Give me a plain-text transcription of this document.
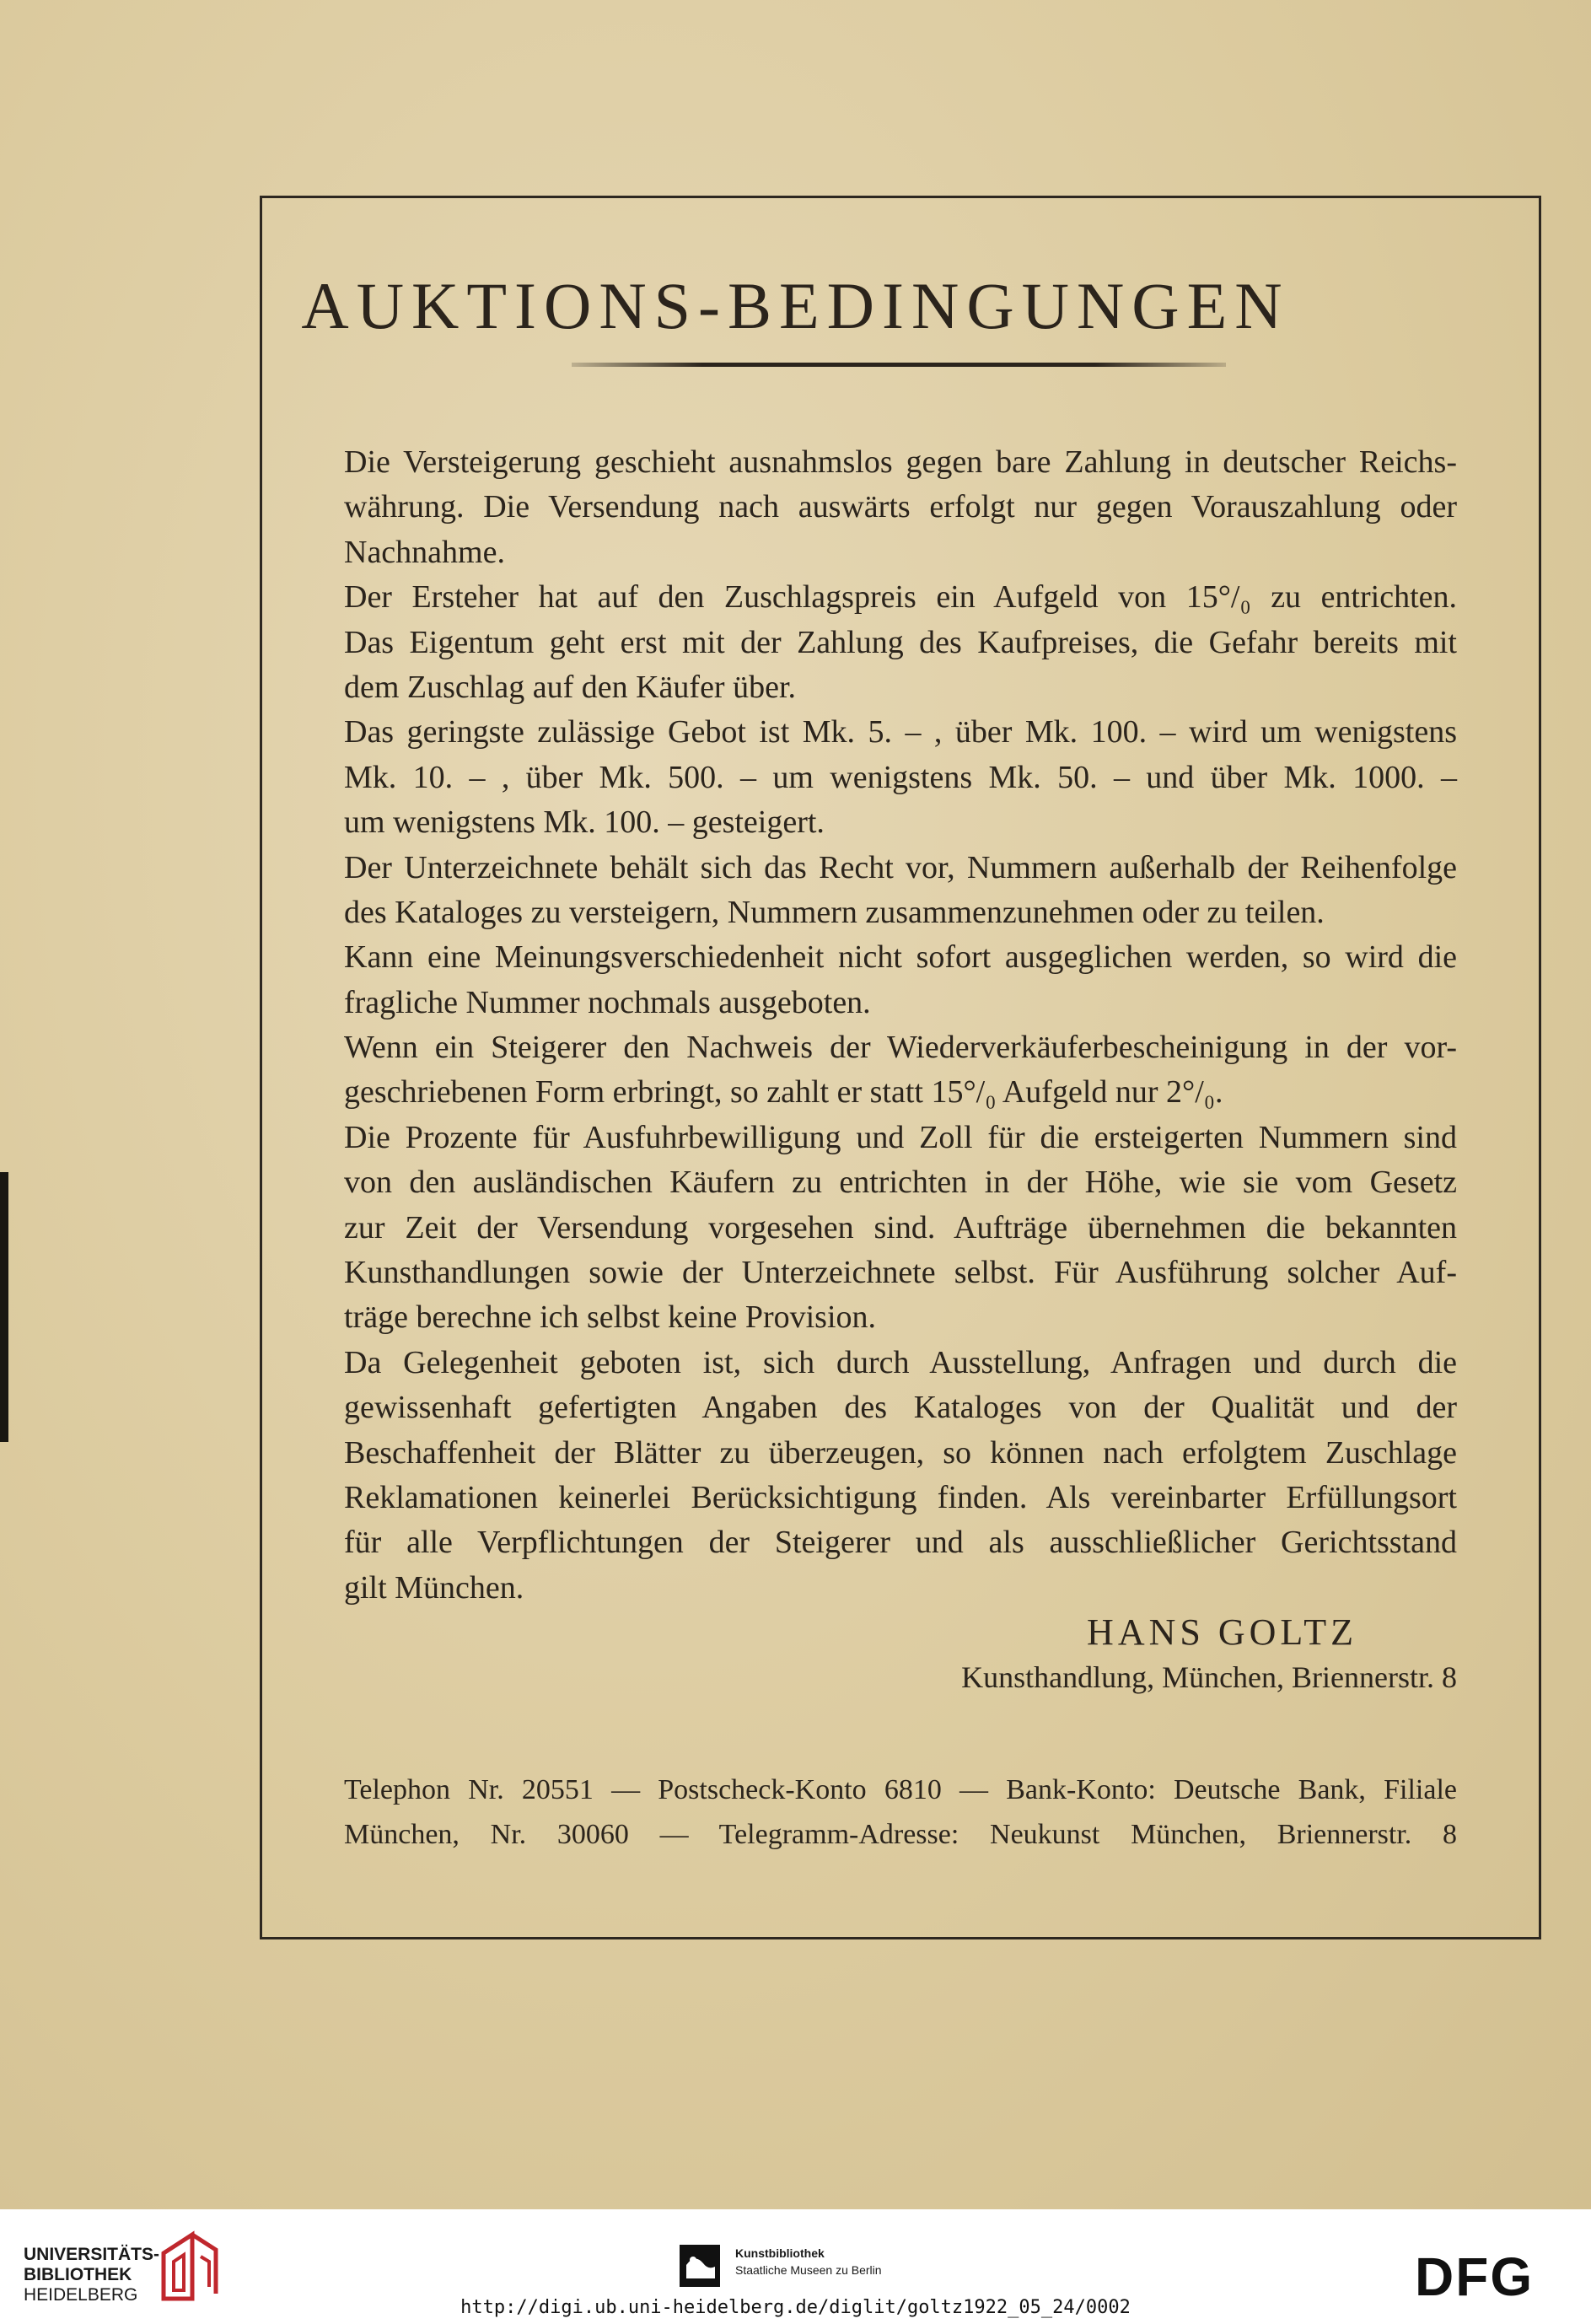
AUKTIONS-BEDINGUNGEN
Die Versteigerung geschieht ausnahmslos gegen bare Zahlung in deutscher Reichs-
währung. Die Versendung nach auswärts erfolgt nur gegen Vorauszahlung oder
Nachnahme.
Der Ersteher hat auf den Zuschlagspreis ein Aufgeld von 15°/₀ zu entrichten.
Das Eigentum geht erst mit der Zahlung des Kaufpreises, die Gefahr bereits mit
dem Zuschlag auf den Käufer über.
Das geringste zulässige Gebot ist Mk. 5. – , über Mk. 100. – wird um wenigstens
Mk. 10. – , über Mk. 500. – um wenigstens Mk. 50. – und über Mk. 1000. –
um wenigstens Mk. 100. – gesteigert.
Der Unterzeichnete behält sich das Recht vor, Nummern außerhalb der Reihenfolge
des Kataloges zu versteigern, Nummern zusammenzunehmen oder zu teilen.
Kann eine Meinungsverschiedenheit nicht sofort ausgeglichen werden, so wird die
fragliche Nummer nochmals ausgeboten.
Wenn ein Steigerer den Nachweis der Wiederverkäuferbescheinigung in der vor-
geschriebenen Form erbringt, so zahlt er statt 15°/₀ Aufgeld nur 2°/₀.
Die Prozente für Ausfuhrbewilligung und Zoll für die ersteigerten Nummern sind
von den ausländischen Käufern zu entrichten in der Höhe, wie sie vom Gesetz
zur Zeit der Versendung vorgesehen sind. Aufträge übernehmen die bekannten
Kunsthandlungen sowie der Unterzeichnete selbst. Für Ausführung solcher Auf-
träge berechne ich selbst keine Provision.
Da Gelegenheit geboten ist, sich durch Ausstellung, Anfragen und durch die
gewissenhaft gefertigten Angaben des Kataloges von der Qualität und der
Beschaffenheit der Blätter zu überzeugen, so können nach erfolgtem Zuschlage
Reklamationen keinerlei Berücksichtigung finden. Als vereinbarter Erfüllungsort
für alle Verpflichtungen der Steigerer und als ausschließlicher Gerichtsstand
gilt München.
HANS GOLTZ
Kunsthandlung, München, Briennerstr. 8
Telephon Nr. 20551 — Postscheck-Konto 6810 — Bank-Konto: Deutsche Bank, Filiale
München, Nr. 30060 — Telegramm-Adresse: Neukunst München, Briennerstr. 8
UNIVERSITÄTS-
BIBLIOTHEK
HEIDELBERG
Kunstbibliothek
Staatliche Museen zu Berlin	DFG
http://digi.ub.uni-heidelberg.de/diglit/goltz1922_05_24/0002
